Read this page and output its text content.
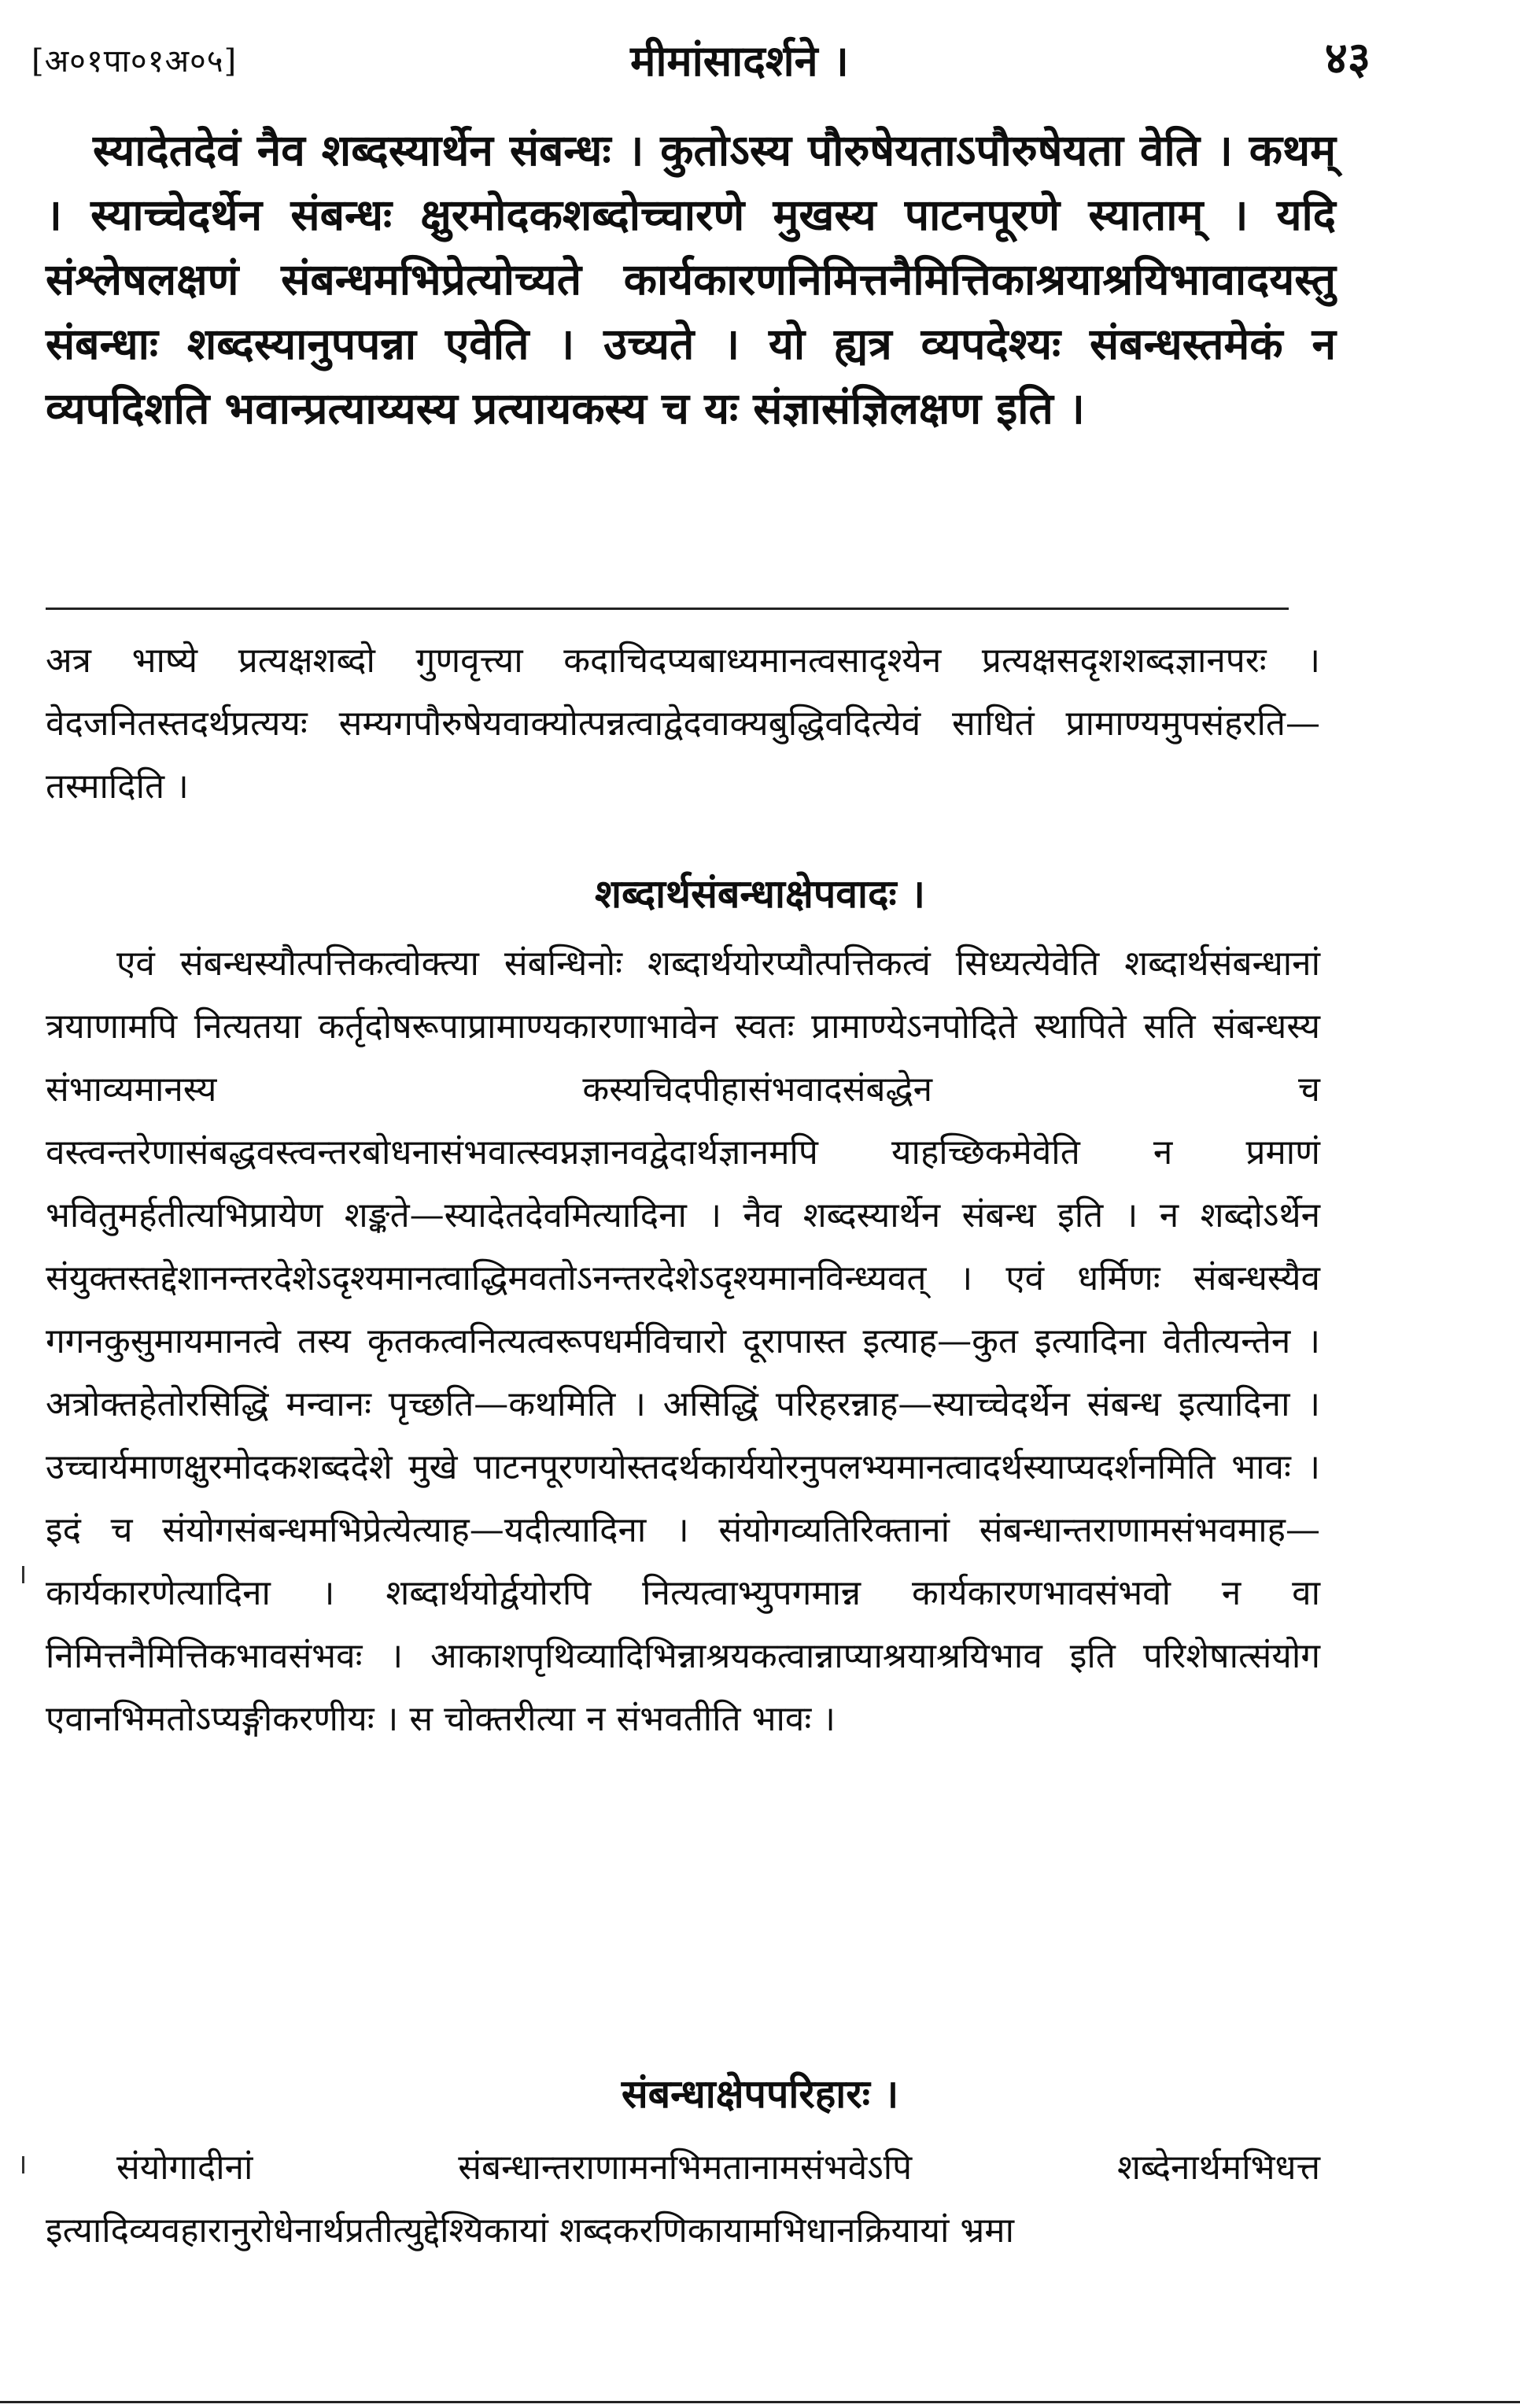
[अ०१पा०१अ०५]	मीमांसादर्शने ।	४३

स्यादेतदेवं नैव शब्दस्यार्थेन संबन्धः । कुतोऽस्य पौरुषेयताऽपौरुषेयता वेति । कथम् । स्याच्चेदर्थेन संबन्धः क्षुरमोदकशब्दोच्चारणे मुखस्य पाटनपूरणे स्याताम् । यदि संश्लेषलक्षणं संबन्धमभिप्रेत्योच्यते कार्यकारणनिमित्तनैमित्तिकाश्रयाश्रयिभावादयस्तु संबन्धाः शब्दस्यानुपपन्ना एवेति । उच्यते । यो ह्यत्र व्यपदेश्यः संबन्धस्तमेकं न व्यपदिशति भवान्प्रत्याय्यस्य प्रत्यायकस्य च यः संज्ञासंज्ञिलक्षण इति ।

अत्र भाष्ये प्रत्यक्षशब्दो गुणवृत्त्या कदाचिदप्यबाध्यमानत्वसादृश्येन प्रत्यक्षसदृशशब्दज्ञानपरः । वेदजनितस्तदर्थप्रत्ययः सम्यगपौरुषेयवाक्योत्पन्नत्वाद्वेदवाक्यबुद्धिवदित्येवं साधितं प्रामाण्यमुपसंहरति—तस्मादिति ।

शब्दार्थसंबन्धाक्षेपवादः ।

एवं संबन्धस्यौत्पत्तिकत्वोक्त्या संबन्धिनोः शब्दार्थयोरप्यौत्पत्तिकत्वं सिध्यत्येवेति शब्दार्थसंबन्धानां त्रयाणामपि नित्यतया कर्तृदोषरूपाप्रामाण्यकारणाभावेन स्वतः प्रामाण्येऽनपोदिते स्थापिते सति संबन्धस्य संभाव्यमानस्य कस्यचिदपीहासंभवादसंबद्धेन च वस्त्वन्तरेणासंबद्धवस्त्वन्तरबोधनासंभवात्स्वप्नज्ञानवद्वेदार्थज्ञानमपि याहच्छिकमेवेति न प्रमाणं भवितुमर्हतीत्यभिप्रायेण शङ्कते—स्यादेतदेवमित्यादिना । नैव शब्दस्यार्थेन संबन्ध इति । न शब्दोऽर्थेन संयुक्तस्तद्देशानन्तरदेशेऽदृश्यमानत्वाद्धिमवतोऽनन्तरदेशेऽदृश्यमानविन्ध्यवत् । एवं धर्मिणः संबन्धस्यैव गगनकुसुमायमानत्वे तस्य कृतकत्वनित्यत्वरूपधर्मविचारो दूरापास्त इत्याह—कुत इत्यादिना वेतीत्यन्तेन । अत्रोक्तहेतोरसिद्धिं मन्वानः पृच्छति—कथमिति । असिद्धिं परिहरन्नाह—स्याच्चेदर्थेन संबन्ध इत्यादिना । उच्चार्यमाणक्षुरमोदकशब्ददेशे मुखे पाटनपूरणयोस्तदर्थकार्ययोरनुपलभ्यमानत्वादर्थस्याप्यदर्शनमिति भावः । इदं च संयोगसंबन्धमभिप्रेत्येत्याह—यदीत्यादिना । संयोगव्यतिरिक्तानां संबन्धान्तराणामसंभवमाह—कार्यकारणेत्यादिना । शब्दार्थयोर्द्वयोरपि नित्यत्वाभ्युपगमान्न कार्यकारणभावसंभवो न वा निमित्तनैमित्तिकभावसंभवः । आकाशपृथिव्यादिभिन्नाश्रयकत्वान्नाप्याश्रयाश्रयिभाव इति परिशेषात्संयोग एवानभिमतोऽप्यङ्गीकरणीयः । स चोक्तरीत्या न संभवतीति भावः ।

संबन्धाक्षेपपरिहारः ।

संयोगादीनां संबन्धान्तराणामनभिमतानामसंभवेऽपि शब्देनार्थमभिधत्त इत्यादिव्यवहारानुरोधेनार्थप्रतीत्युद्देश्यिकायां शब्दकरणिकायामभिधानक्रियायां भ्रमा
